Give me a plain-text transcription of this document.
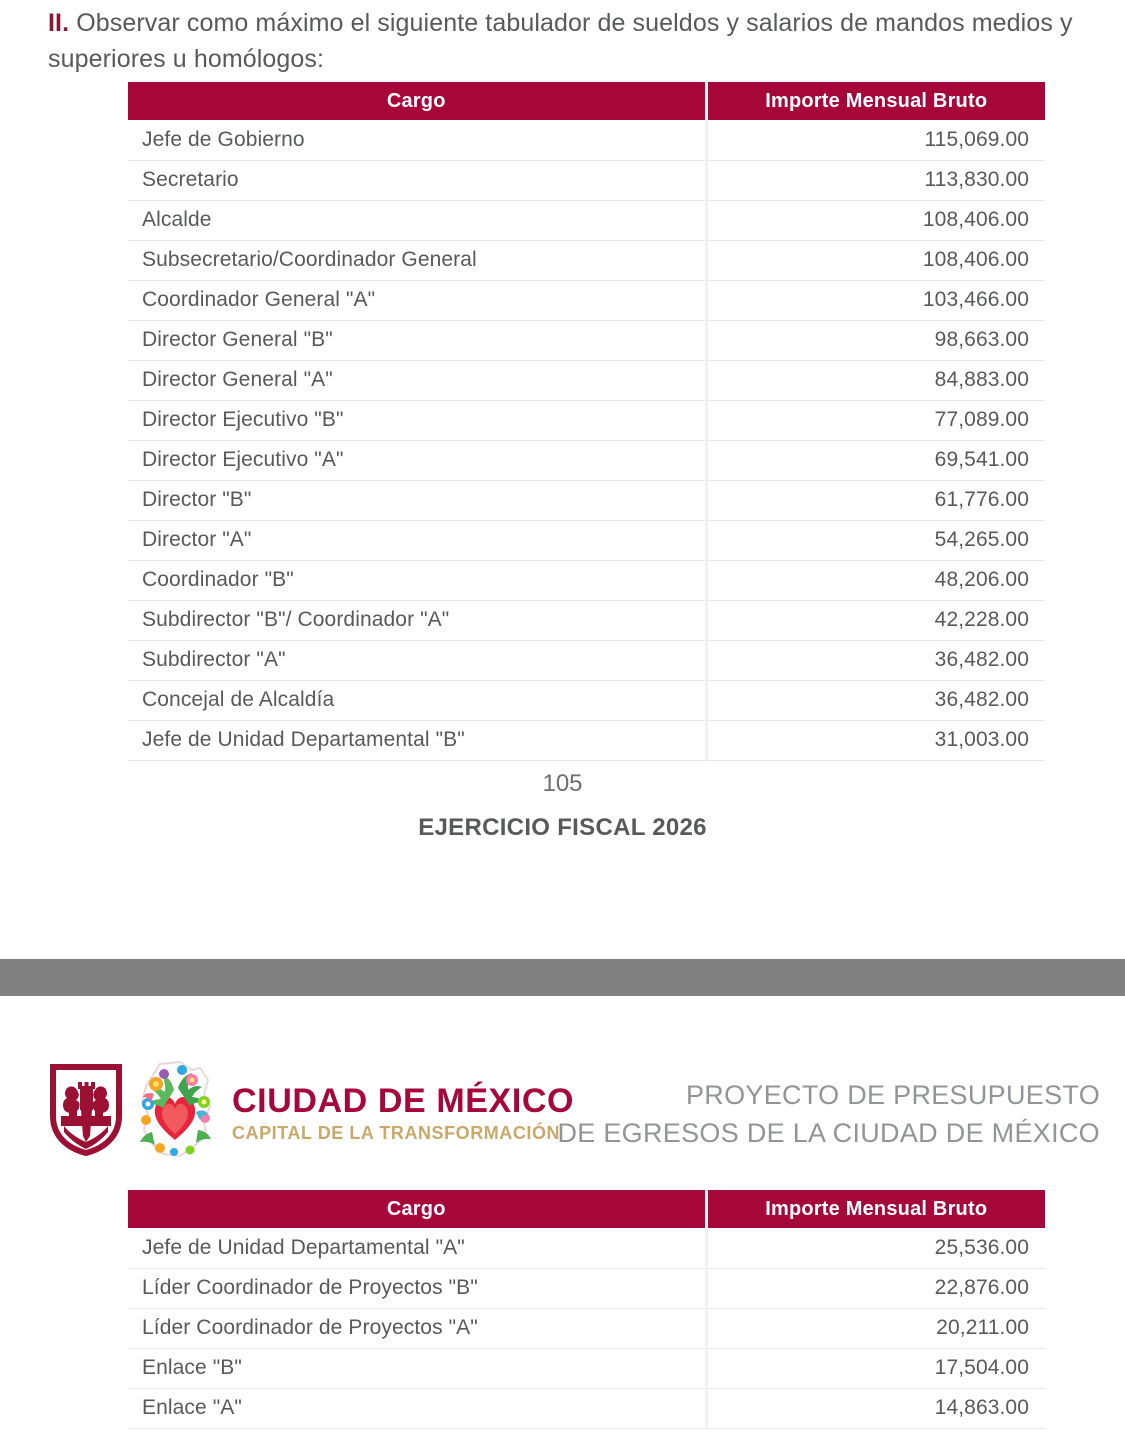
II. Observar como máximo el siguiente tabulador de sueldos y salarios de mandos medios y superiores u homólogos:

Cargo	Importe Mensual Bruto
Jefe de Gobierno	115,069.00
Secretario	113,830.00
Alcalde	108,406.00
Subsecretario/Coordinador General	108,406.00
Coordinador General "A"	103,466.00
Director General "B"	98,663.00
Director General "A"	84,883.00
Director Ejecutivo "B"	77,089.00
Director Ejecutivo "A"	69,541.00
Director "B"	61,776.00
Director "A"	54,265.00
Coordinador "B"	48,206.00
Subdirector "B"/ Coordinador "A"	42,228.00
Subdirector "A"	36,482.00
Concejal de Alcaldía	36,482.00
Jefe de Unidad Departamental "B"	31,003.00
105
EJERCICIO FISCAL 2026
CIUDAD DE MÉXICO
CAPITAL DE LA TRANSFORMACIÓN
PROYECTO DE PRESUPUESTO
DE EGRESOS DE LA CIUDAD DE MÉXICO
Cargo	Importe Mensual Bruto
Jefe de Unidad Departamental "A"	25,536.00
Líder Coordinador de Proyectos "B"	22,876.00
Líder Coordinador de Proyectos "A"	20,211.00
Enlace "B"	17,504.00
Enlace "A"	14,863.00
